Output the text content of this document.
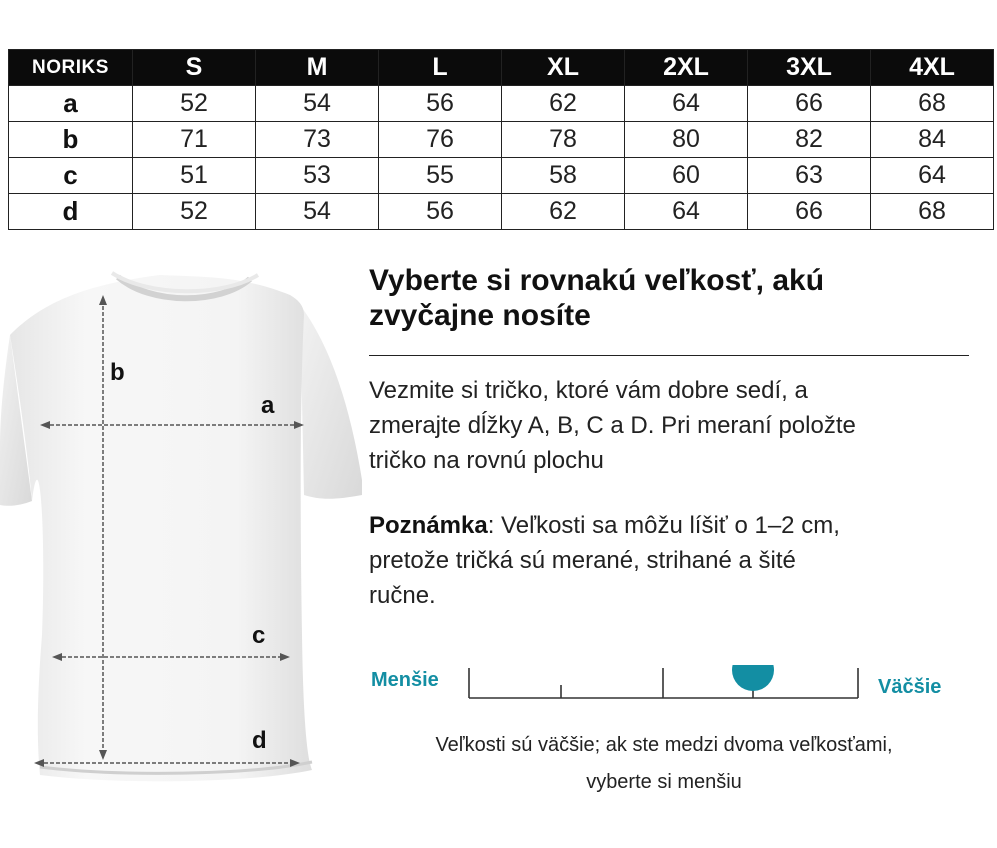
NORIKS	S	M	L	XL	2XL	3XL	4XL
a	52	54	56	62	64	66	68
b	71	73	76	78	80	82	84
c	51	53	55	58	60	63	64
d	52	54	56	62	64	66	68
b
a
c
d
Vyberte si rovnakú veľkosť, akú
zvyčajne nosíte

Vezmite si tričko, ktoré vám dobre sedí, a
zmerajte dĺžky A, B, C a D. Pri meraní položte
tričko na rovnú plochu

Poznámka: Veľkosti sa môžu líšiť o 1–2 cm,
pretože tričká sú merané, strihané a šité
ručne.

Menšie	Väčšie

Veľkosti sú väčšie; ak ste medzi dvoma veľkosťami,
vyberte si menšiu
